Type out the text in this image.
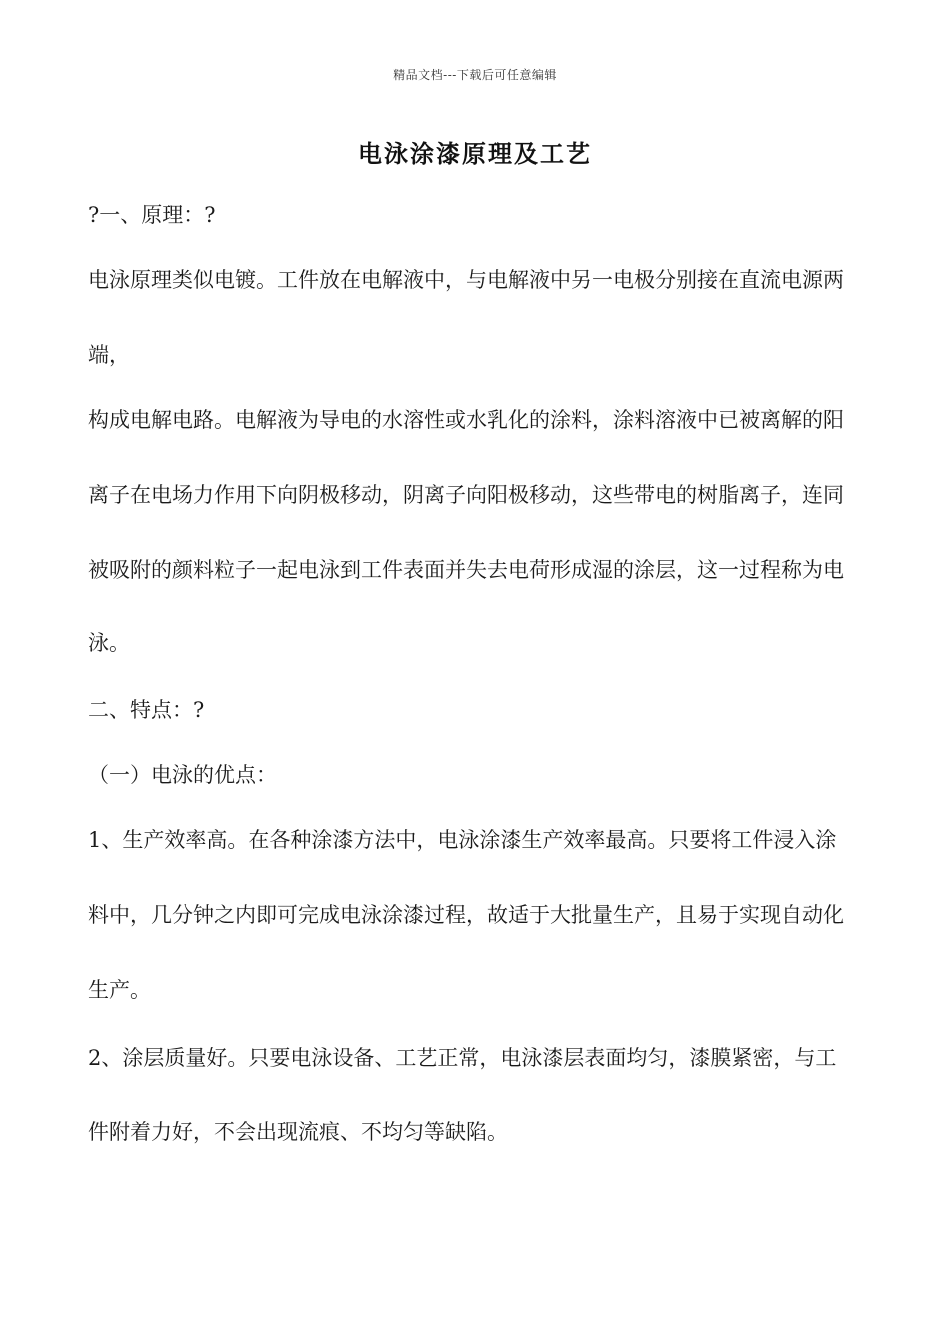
精品文档---下载后可任意编辑
电泳涂漆原理及工艺
?一、原理：?
电泳原理类似电镀。工件放在电解液中，与电解液中另一电极分别接在直流电源两
端，
构成电解电路。电解液为导电的水溶性或水乳化的涂料，涂料溶液中已被离解的阳
离子在电场力作用下向阴极移动，阴离子向阳极移动，这些带电的树脂离子，连同
被吸附的颜料粒子一起电泳到工件表面并失去电荷形成湿的涂层，这一过程称为电
泳。
二、特点：?
（一）电泳的优点：
1、生产效率高。在各种涂漆方法中，电泳涂漆生产效率最高。只要将工件浸入涂
料中，几分钟之内即可完成电泳涂漆过程，故适于大批量生产，且易于实现自动化
生产。
2、涂层质量好。只要电泳设备、工艺正常，电泳漆层表面均匀，漆膜紧密，与工
件附着力好，不会出现流痕、不均匀等缺陷。
